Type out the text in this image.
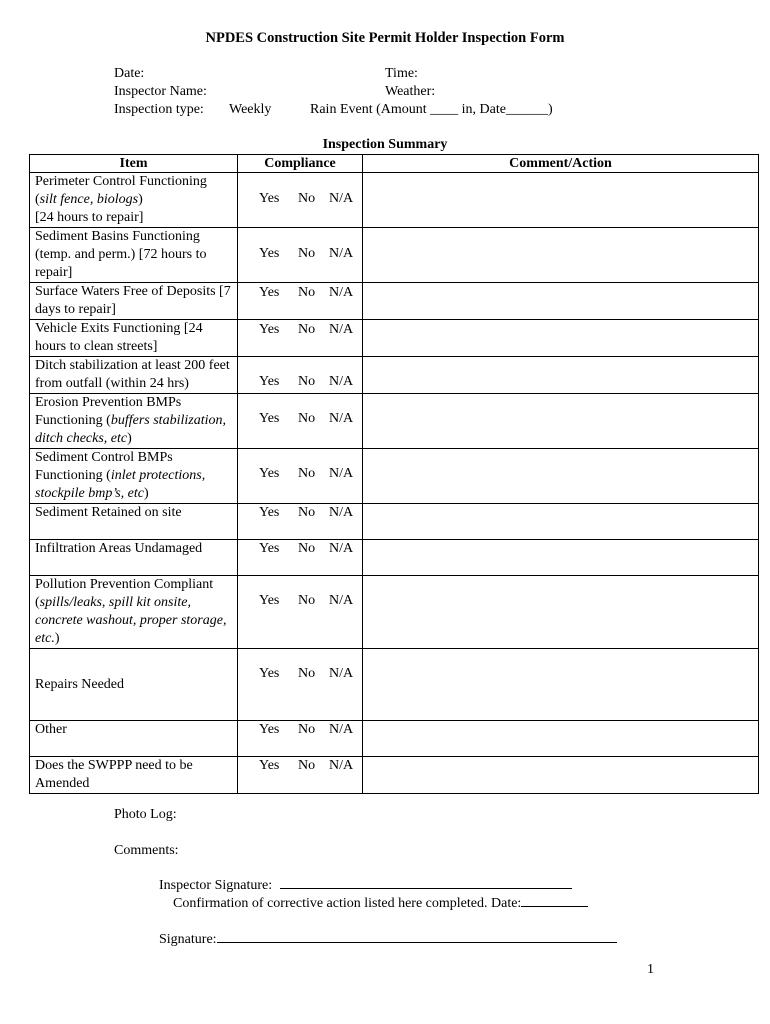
NPDES Construction Site Permit Holder Inspection Form
Date:	Time:
Inspector Name:	Weather:
Inspection type: Weekly	Rain Event (Amount ____ in, Date______)
Inspection Summary
Item	Compliance	Comment/Action
Perimeter Control Functioning
(silt fence, biologs)
[24 hours to repair]	Yes No N/A	

Sediment Basins Functioning (temp. and perm.) [72 hours to repair]	Yes No N/A	

Surface Waters Free of Deposits [7 days to repair]	Yes No N/A	

Vehicle Exits Functioning [24 hours to clean streets]	Yes No N/A	

Ditch stabilization at least 200 feet from outfall (within 24 hrs)	Yes No N/A	

Erosion Prevention BMPs Functioning (buffers stabilization, ditch checks, etc)	Yes No N/A	

Sediment Control BMPs Functioning (inlet protections, stockpile bmp’s, etc)	Yes No N/A	

Sediment Retained on site	Yes No N/A	

Infiltration Areas Undamaged	Yes No N/A	

Pollution Prevention Compliant (spills/leaks, spill kit onsite, concrete washout, proper storage, etc.)	Yes No N/A	

Repairs Needed	Yes No N/A	

Other	Yes No N/A	

Does the SWPPP need to be Amended	Yes No N/A	

Photo Log:
Comments:
Inspector Signature:
Confirmation of corrective action listed here completed. Date:
Signature:
1
